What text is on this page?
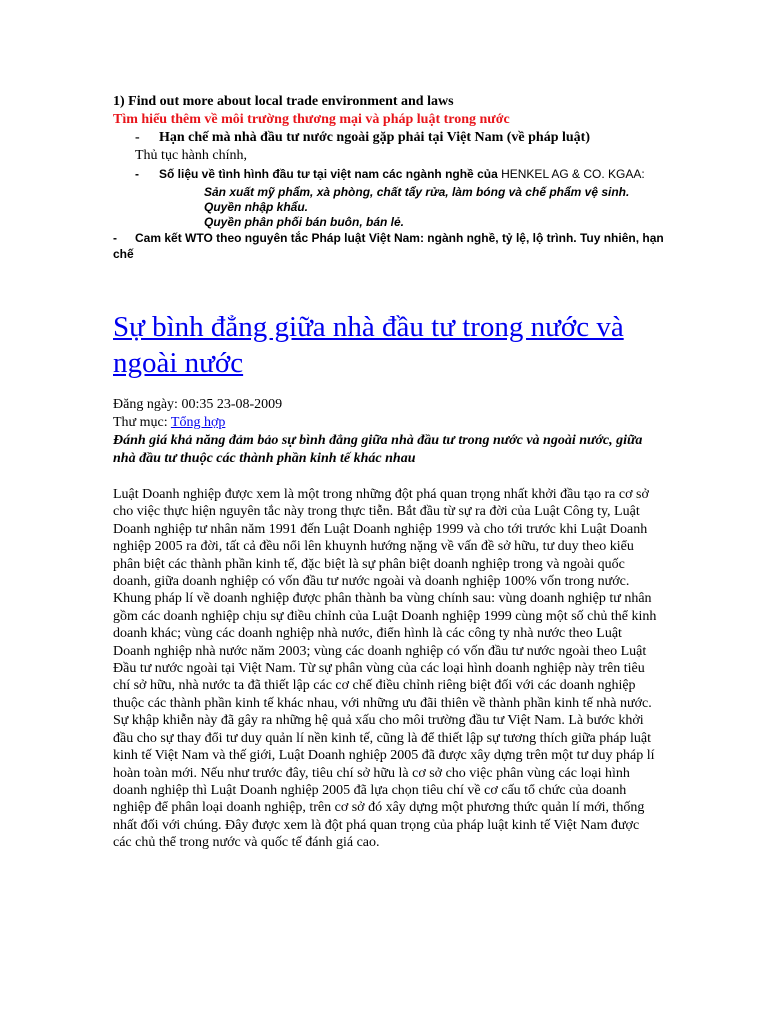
1) Find out more about local trade environment and laws

Tìm hiểu thêm về môi trường thương mại và pháp luật trong nước

-	Hạn chế mà nhà đầu tư nước ngoài gặp phải tại Việt Nam (về pháp luật)

Thủ tục hành chính,

-	Số liệu về tình hình đầu tư tại việt nam các ngành nghề của HENKEL AG & CO. KGAA:
Sản xuất mỹ phẩm, xà phòng, chất tẩy rửa, làm bóng và chế phẩm vệ sinh.
Quyền nhập khẩu.
Quyền phân phối bán buôn, bán lẻ.
-	Cam kết WTO theo nguyên tắc Pháp luật Việt Nam: ngành nghề, tỷ lệ, lộ trình. Tuy nhiên, hạn chế
Sự bình đẳng giữa nhà đầu tư trong nước và ngoài nước
Đăng ngày: 00:35 23-08-2009
Thư mục: Tổng hợp

Đánh giá khả năng đảm bảo sự bình đẳng giữa nhà đầu tư trong nước và ngoài nước, giữa nhà đầu tư thuộc các thành phần kinh tế khác nhau

Luật Doanh nghiệp được xem là một trong những đột phá quan trọng nhất khởi đầu tạo ra cơ sở cho việc thực hiện nguyên tắc này trong thực tiễn. Bắt đầu từ sự ra đời của Luật Công ty, Luật Doanh nghiệp tư nhân năm 1991 đến Luật Doanh nghiệp 1999 và cho tới trước khi Luật Doanh nghiệp 2005 ra đời, tất cả đều nổi lên khuynh hướng nặng về vấn đề sở hữu, tư duy theo kiểu phân biệt các thành phần kinh tế, đặc biệt là sự phân biệt doanh nghiệp trong và ngoài quốc doanh, giữa doanh nghiệp có vốn đầu tư nước ngoài và doanh nghiệp 100% vốn trong nước. Khung pháp lí về doanh nghiệp được phân thành ba vùng chính sau: vùng doanh nghiệp tư nhân gồm các doanh nghiệp chịu sự điều chỉnh của Luật Doanh nghiệp 1999 cùng một số chủ thể kinh doanh khác; vùng các doanh nghiệp nhà nước, điển hình là các công ty nhà nước theo Luật Doanh nghiệp nhà nước năm 2003; vùng các doanh nghiệp có vốn đầu tư nước ngoài theo Luật Đầu tư nước ngoài tại Việt Nam. Từ sự phân vùng của các loại hình doanh nghiệp này trên tiêu chí sở hữu, nhà nước ta đã thiết lập các cơ chế điều chỉnh riêng biệt đối với các doanh nghiệp thuộc các thành phần kinh tế khác nhau, với những ưu đãi thiên về thành phần kinh tế nhà nước. Sự khập khiễn này đã gây ra những hệ quả xấu cho môi trường đầu tư Việt Nam. Là bước khởi đầu cho sự thay đổi tư duy quản lí nền kinh tế, cũng là để thiết lập sự tương thích giữa pháp luật kinh tế Việt Nam và thế giới, Luật Doanh nghiệp 2005 đã được xây dựng trên một tư duy pháp lí hoàn toàn mới. Nếu như trước đây, tiêu chí sở hữu là cơ sở cho việc phân vùng các loại hình doanh nghiệp thì Luật Doanh nghiệp 2005 đã lựa chọn tiêu chí về cơ cấu tổ chức của doanh nghiệp để phân loại doanh nghiệp, trên cơ sở đó xây dựng một phương thức quản lí mới, thống nhất đối với chúng. Đây được xem là đột phá quan trọng của pháp luật kinh tế Việt Nam được các chủ thể trong nước và quốc tế đánh giá cao.
